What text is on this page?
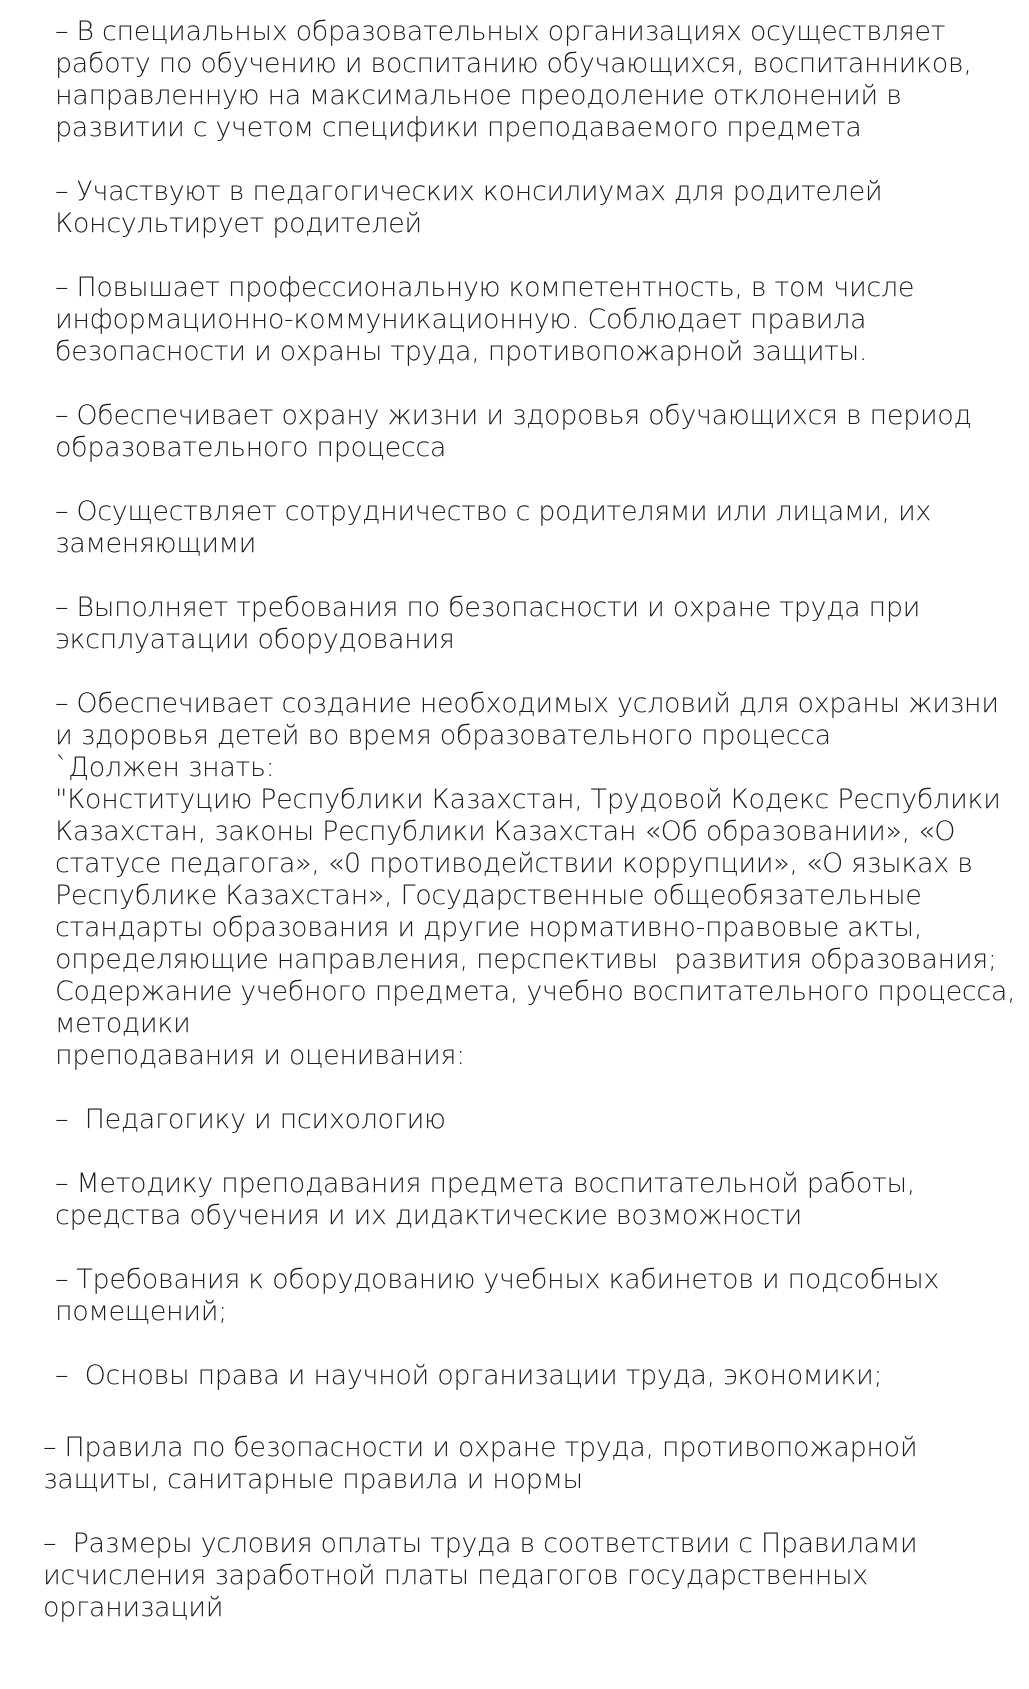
– В специальных образовательных организациях осуществляет
работу по обучению и воспитанию обучающихся, воспитанников,
направленную на максимальное преодоление отклонений в
развитии с учетом специфики преподаваемого предмета
– Участвуют в педагогических консилиумах для родителей
Консультирует родителей
– Повышает профессиональную компетентность, в том числе
информационно-коммуникационную. Соблюдает правила
безопасности и охраны труда, противопожарной защиты.
– Обеспечивает охрану жизни и здоровья обучающихся в период
образовательного процесса
– Осуществляет сотрудничество с родителями или лицами, их
заменяющими
– Выполняет требования по безопасности и охране труда при
эксплуатации оборудования
– Обеспечивает создание необходимых условий для охраны жизни
и здоровья детей во время образовательного процесса
`Должен знать:
"Конституцию Республики Казахстан, Трудовой Кодекс Республики
Казахстан, законы Республики Казахстан «Об образовании», «О
статусе педагога», «0 противодействии коррупции», «О языках в
Республике Казахстан», Государственные общеобязательные
стандарты образования и другие нормативно-правовые акты,
определяющие направления, перспективы  развития образования;
Содержание учебного предмета, учебно воспитательного процесса,
методики
преподавания и оценивания:
–  Педагогику и психологию
– Методику преподавания предмета воспитательной работы,
средства обучения и их дидактические возможности
– Требования к оборудованию учебных кабинетов и подсобных
помещений;
–  Основы права и научной организации труда, экономики;
– Правила по безопасности и охране труда, противопожарной
защиты, санитарные правила и нормы
–  Размеры условия оплаты труда в соответствии с Правилами
исчисления заработной платы педагогов государственных
организаций
